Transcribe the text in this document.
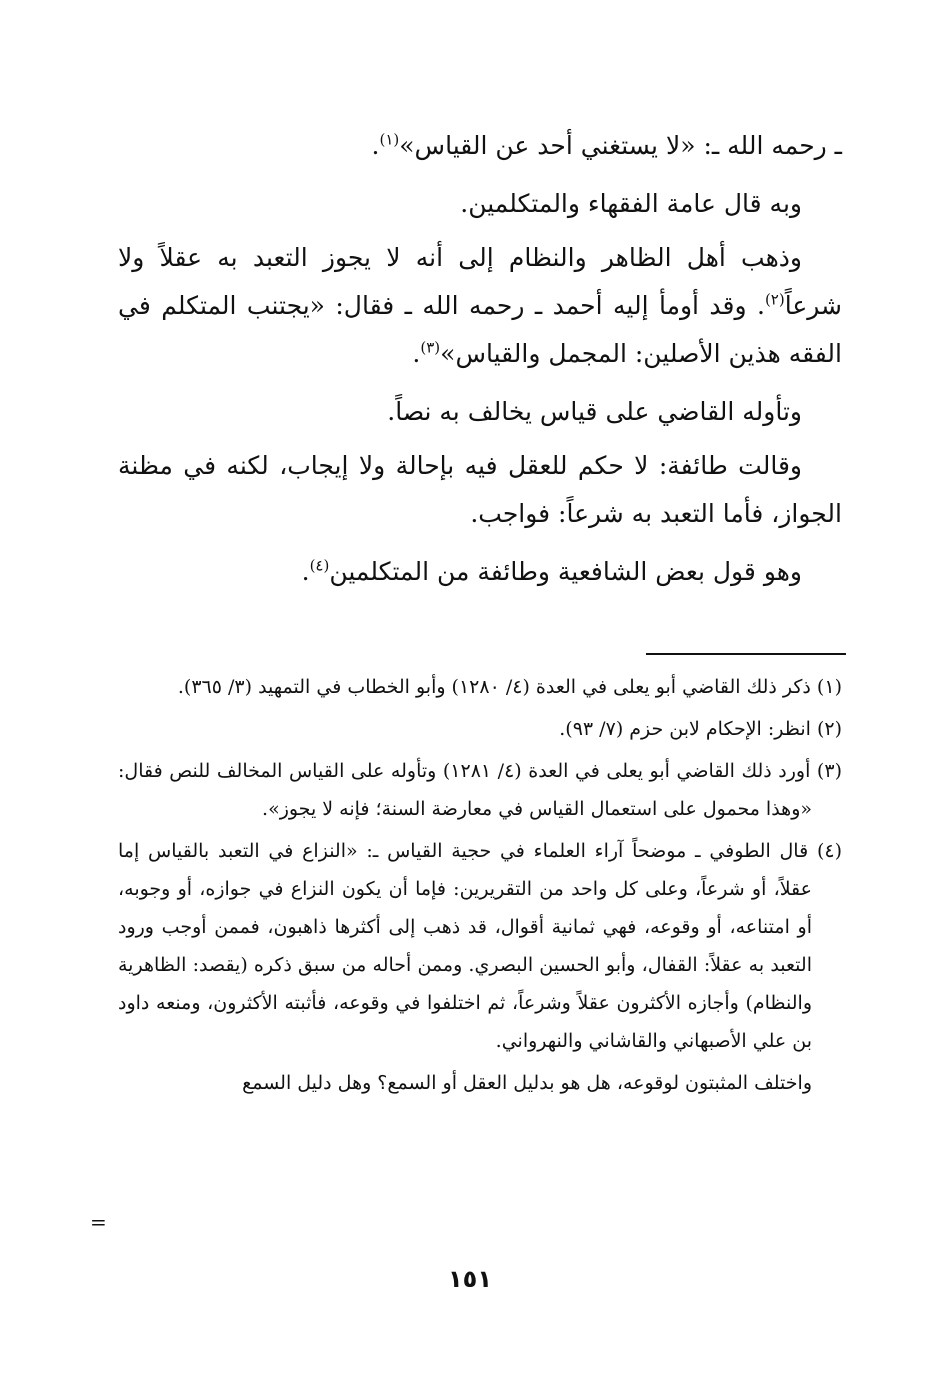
ـ رحمه الله ـ: «لا يستغني أحد عن القياس»$^{(١)}$.

وبه قال عامة الفقهاء والمتكلمين.

وذهب أهل الظاهر والنظام إلى أنه لا يجوز التعبد به عقلاً ولا شرعاً$^{(٢)}$. وقد أومأ إليه أحمد ـ رحمه الله ـ فقال: «يجتنب المتكلم في الفقه هذين الأصلين: المجمل والقياس»$^{(٣)}$.

وتأوله القاضي على قياس يخالف به نصاً.

وقالت طائفة: لا حكم للعقل فيه بإحالة ولا إيجاب، لكنه في مظنة الجواز، فأما التعبد به شرعاً: فواجب.

وهو قول بعض الشافعية وطائفة من المتكلمين$^{(٤)}$.

(١) ذكر ذلك القاضي أبو يعلى في العدة (٤/ ١٢٨٠) وأبو الخطاب في التمهيد (٣/ ٣٦٥).

(٢) انظر: الإحكام لابن حزم (٧/ ٩٣).

(٣) أورد ذلك القاضي أبو يعلى في العدة (٤/ ١٢٨١) وتأوله على القياس المخالف للنص فقال: «وهذا محمول على استعمال القياس في معارضة السنة؛ فإنه لا يجوز».

(٤) قال الطوفي ـ موضحاً آراء العلماء في حجية القياس ـ: «النزاع في التعبد بالقياس إما عقلاً، أو شرعاً، وعلى كل واحد من التقريرين: فإما أن يكون النزاع في جوازه، أو وجوبه، أو امتناعه، أو وقوعه، فهي ثمانية أقوال، قد ذهب إلى أكثرها ذاهبون، فممن أوجب ورود التعبد به عقلاً: القفال، وأبو الحسين البصري. وممن أحاله من سبق ذكره (يقصد: الظاهرية والنظام) وأجازه الأكثرون عقلاً وشرعاً، ثم اختلفوا في وقوعه، فأثبته الأكثرون، ومنعه داود بن علي الأصبهاني والقاشاني والنهرواني.

واختلف المثبتون لوقوعه، هل هو بدليل العقل أو السمع؟ وهل دليل السمع

=
١٥١
